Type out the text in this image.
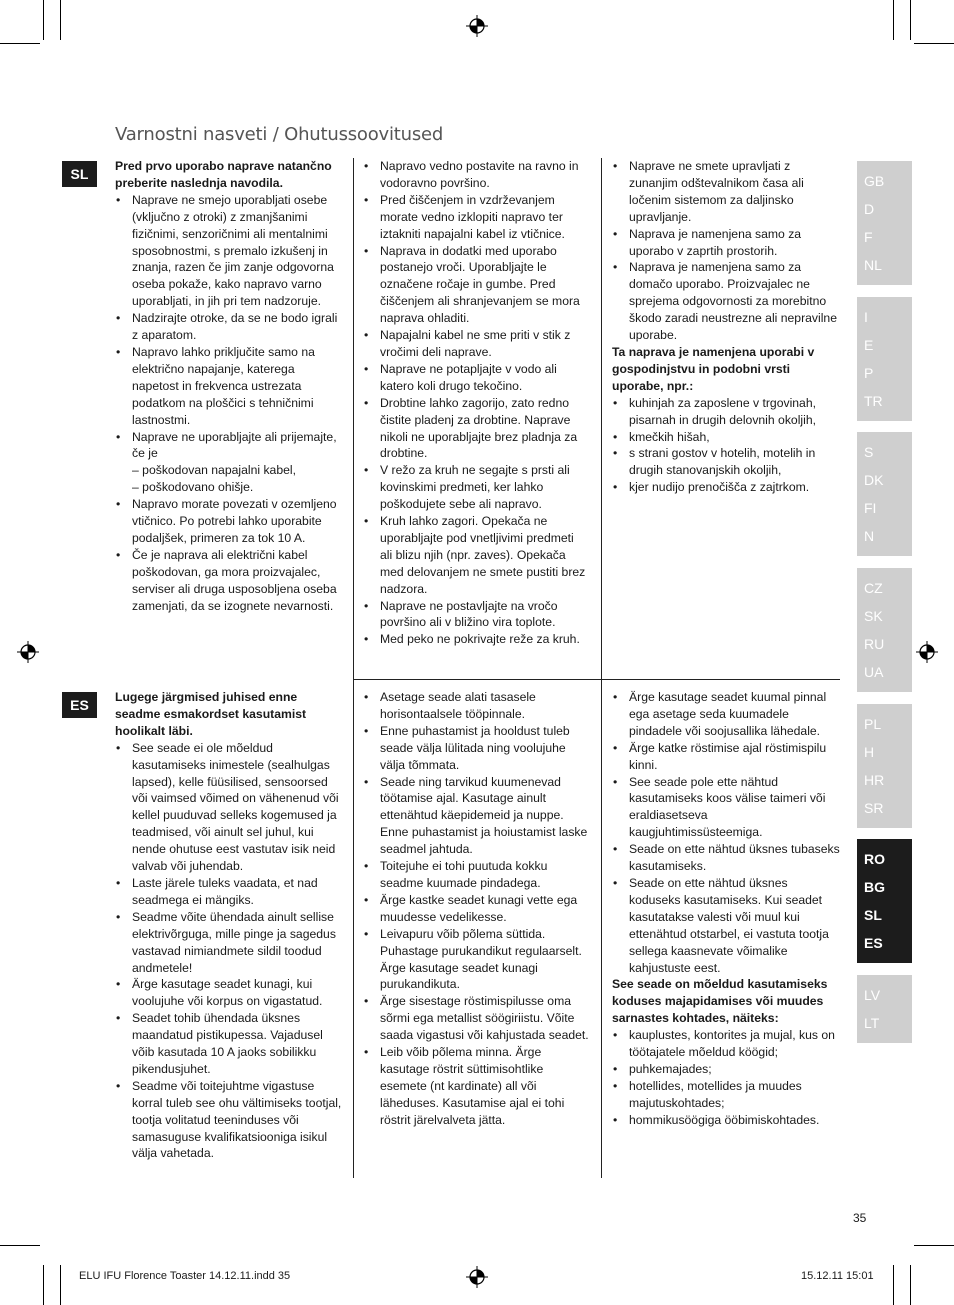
Varnostni nasveti / Ohutussoovitused
SL	Pred prvo uporabo naprave natančno preberite naslednja navodila.

• Naprave ne smejo uporabljati osebe (vključno z otroki) z zmanjšanimi fizičnimi, senzoričnimi ali mentalnimi sposobnostmi, s premalo izkušenj in znanja, razen če jim zanje odgovorna oseba pokaže, kako napravo varno uporabljati, in jih pri tem nadzoruje.
• Nadzirajte otroke, da se ne bodo igrali z aparatom.
• Napravo lahko priključite samo na električno napajanje, katerega napetost in frekvenca ustrezata podatkom na ploščici s tehničnimi lastnostmi.
• Naprave ne uporabljajte ali prijemajte, če je
– poškodovan napajalni kabel,
– poškodovano ohišje.
• Napravo morate povezati v ozemljeno vtičnico. Po potrebi lahko uporabite podaljšek, primeren za tok 10 A.
• Če je naprava ali električni kabel poškodovan, ga mora proizvajalec, serviser ali druga usposobljena oseba zamenjati, da se izognete nevarnosti.
• Napravo vedno postavite na ravno in vodoravno površino.
• Pred čiščenjem in vzdrževanjem morate vedno izklopiti napravo ter iztakniti napajalni kabel iz vtičnice.
• Naprava in dodatki med uporabo postanejo vroči. Uporabljajte le označene ročaje in gumbe. Pred čiščenjem ali shranjevanjem se mora naprava ohladiti.
• Napajalni kabel ne sme priti v stik z vročimi deli naprave.
• Naprave ne potapljajte v vodo ali katero koli drugo tekočino.
• Drobtine lahko zagorijo, zato redno čistite pladenj za drobtine. Naprave nikoli ne uporabljajte brez pladnja za drobtine.
• V režo za kruh ne segajte s prsti ali kovinskimi predmeti, ker lahko poškodujete sebe ali napravo.
• Kruh lahko zagori. Opekača ne uporabljajte pod vnetljivimi predmeti ali blizu njih (npr. zaves). Opekača med delovanjem ne smete pustiti brez nadzora.
• Naprave ne postavljajte na vročo površino ali v bližino vira toplote.
• Med peko ne pokrivajte reže za kruh.
• Naprave ne smete upravljati z zunanjim odštevalnikom časa ali ločenim sistemom za daljinsko upravljanje.
• Naprava je namenjena samo za uporabo v zaprtih prostorih.
• Naprava je namenjena samo za domačo uporabo. Proizvajalec ne sprejema odgovornosti za morebitno škodo zaradi neustrezne ali nepravilne uporabe.

Ta naprava je namenjena uporabi v gospodinjstvu in podobni vrsti uporabe, npr.:

• kuhinjah za zaposlene v trgovinah, pisarnah in drugih delovnih okoljih,
• kmečkih hišah,
• s strani gostov v hotelih, motelih in drugih stanovanjskih okoljih,
• kjer nudijo prenočišča z zajtrkom.
ES	Lugege järgmised juhised enne seadme esmakordset kasutamist hoolikalt läbi.

• See seade ei ole mõeldud kasutamiseks inimestele (sealhulgas lapsed), kelle füüsilised, sensoorsed või vaimsed võimed on vähenenud või kellel puuduvad selleks kogemused ja teadmised, või ainult sel juhul, kui nende ohutuse eest vastutav isik neid valvab või juhendab.
• Laste järele tuleks vaadata, et nad seadmega ei mängiks.
• Seadme võite ühendada ainult sellise elektrivõrguga, mille pinge ja sagedus vastavad nimiandmete sildil toodud andmetele!
• Ärge kasutage seadet kunagi, kui voolujuhe või korpus on vigastatud.
• Seadet tohib ühendada üksnes maandatud pistikupessa. Vajadusel võib kasutada 10 A jaoks sobilikku pikendusjuhet.
• Seadme või toitejuhtme vigastuse korral tuleb see ohu vältimiseks tootjal, tootja volitatud teeninduses või samasuguse kvalifikatsiooniga isikul välja vahetada.
• Asetage seade alati tasasele horisontaalsele tööpinnale.
• Enne puhastamist ja hooldust tuleb seade välja lülitada ning voolujuhe välja tõmmata.
• Seade ning tarvikud kuumenevad töötamise ajal. Kasutage ainult ettenähtud käepidemeid ja nuppe. Enne puhastamist ja hoiustamist laske seadmel jahtuda.
• Toitejuhe ei tohi puutuda kokku seadme kuumade pindadega.
• Ärge kastke seadet kunagi vette ega muudesse vedelikesse.
• Leivapuru võib põlema süttida. Puhastage purukandikut regulaarselt. Ärge kasutage seadet kunagi purukandikuta.
• Ärge sisestage röstimispilusse oma sõrmi ega metallist söögiriistu. Võite saada vigastusi või kahjustada seadet.
• Leib võib põlema minna. Ärge kasutage röstrit süttimisohtlike esemete (nt kardinate) all või läheduses. Kasutamise ajal ei tohi röstrit järelvalveta jätta.
• Ärge kasutage seadet kuumal pinnal ega asetage seda kuumadele pindadele või soojusallika lähedale.
• Ärge katke röstimise ajal röstimispilu kinni.
• See seade pole ette nähtud kasutamiseks koos välise taimeri või eraldiasetseva kaugjuhtimissüsteemiga.
• Seade on ette nähtud üksnes tubaseks kasutamiseks.
• Seade on ette nähtud üksnes koduseks kasutamiseks. Kui seadet kasutatakse valesti või muul kui ettenähtud otstarbel, ei vastuta tootja sellega kaasnevate võimalike kahjustuste eest.

See seade on mõeldud kasutamiseks koduses majapidamises või muudes sarnastes kohtades, näiteks:

• kauplustes, kontorites ja mujal, kus on töötajatele mõeldud köögid;
• puhkemajades;
• hotellides, motellides ja muudes majutuskohtades;
• hommikusöögiga ööbimiskohtades.
GB
D
F
NL
I
E
P
TR
S
DK
FI
N
CZ
SK
RU
UA
PL
H
HR
SR
RO
BG
SL
ES
LV
LT
35
ELU IFU Florence Toaster 14.12.11.indd 35	15.12.11 15:01
